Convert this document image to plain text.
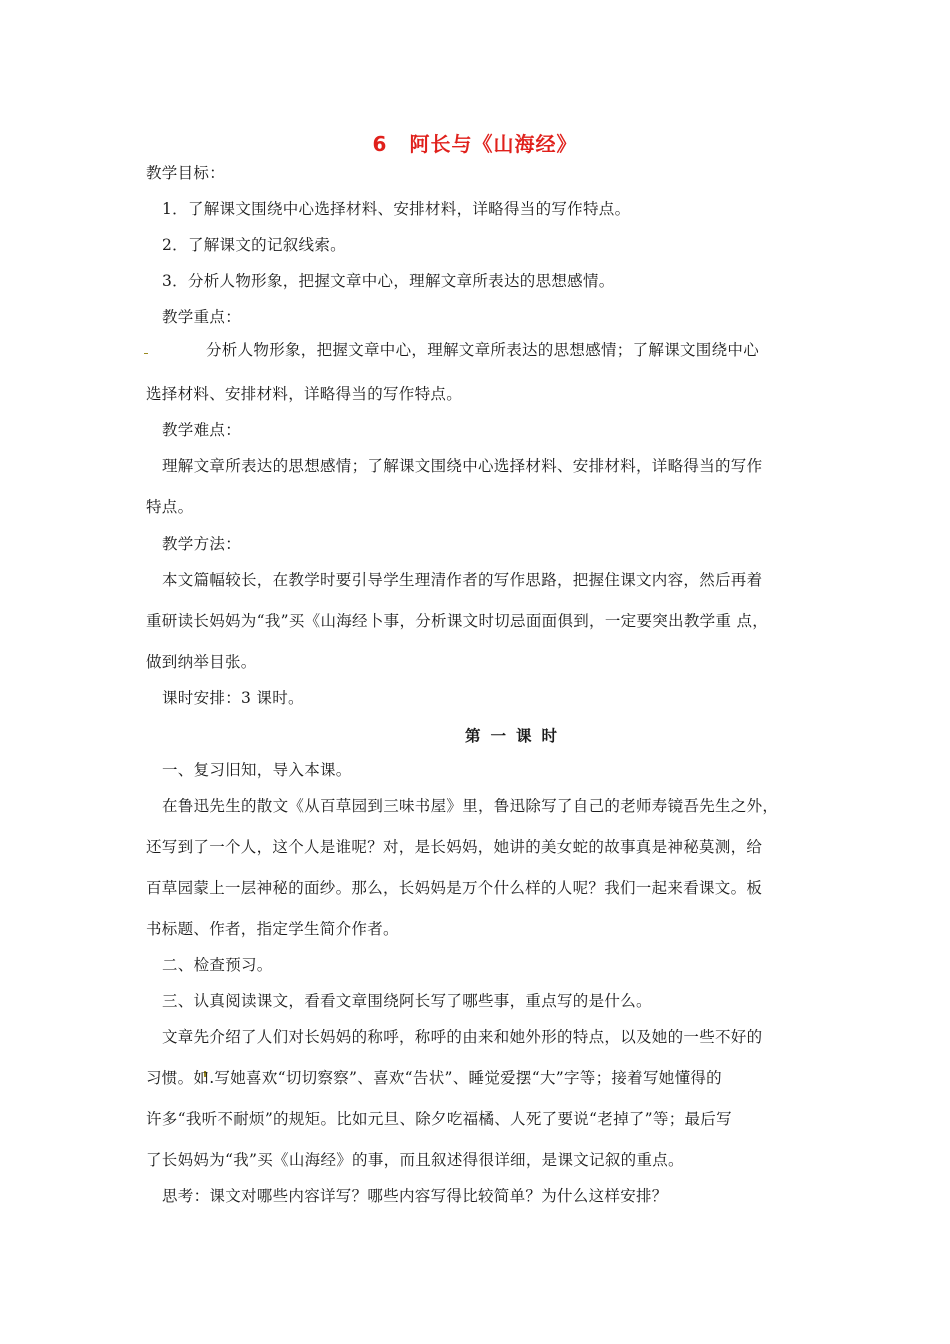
6 阿长与《山海经》
教学目标：
1．了解课文围绕中心选择材料、安排材料，详略得当的写作特点。
2．了解课文的记叙线索。
3．分析人物形象，把握文章中心，理解文章所表达的思想感情。
教学重点：
分析人物形象，把握文章中心，理解文章所表达的思想感情；了解课文围绕中心
选择材料、安排材料，详略得当的写作特点。
教学难点：
理解文章所表达的思想感情；了解课文围绕中心选择材料、安排材料，详略得当的写作
特点。
教学方法：
本文篇幅较长，在教学时要引导学生理清作者的写作思路，把握住课文内容，然后再着
重研读长妈妈为“我”买《山海经卜事，分析课文时切忌面面俱到，一定要突出教学重 点，
做到纳举目张。
课时安排：3 课时。
第一课时
一、复习旧知，导入本课。
在鲁迅先生的散文《从百草园到三味书屋》里，鲁迅除写了自己的老师寿镜吾先生之外，
还写到了一个人，这个人是谁呢？对，是长妈妈，她讲的美女蛇的故事真是神秘莫测，给
百草园蒙上一层神秘的面纱。那么，长妈妈是万个什么样的人呢？我们一起来看课文。板
书标题、作者，指定学生简介作者。
二、检查预习。
三、认真阅读课文，看看文章围绕阿长写了哪些事，重点写的是什么。
文章先介绍了人们对长妈妈的称呼，称呼的由来和她外形的特点，以及她的一些不好的
习惯。如.写她喜欢“切切察察”、喜欢“告状”、睡觉爱摆“大”字等；接着写她懂得的
许多“我听不耐烦”的规矩。比如元旦、除夕吃福橘、人死了要说“老掉了”等；最后写
了长妈妈为“我”买《山海经》的事，而且叙述得很详细，是课文记叙的重点。
思考：课文对哪些内容详写？哪些内容写得比较简单？为什么这样安排？
